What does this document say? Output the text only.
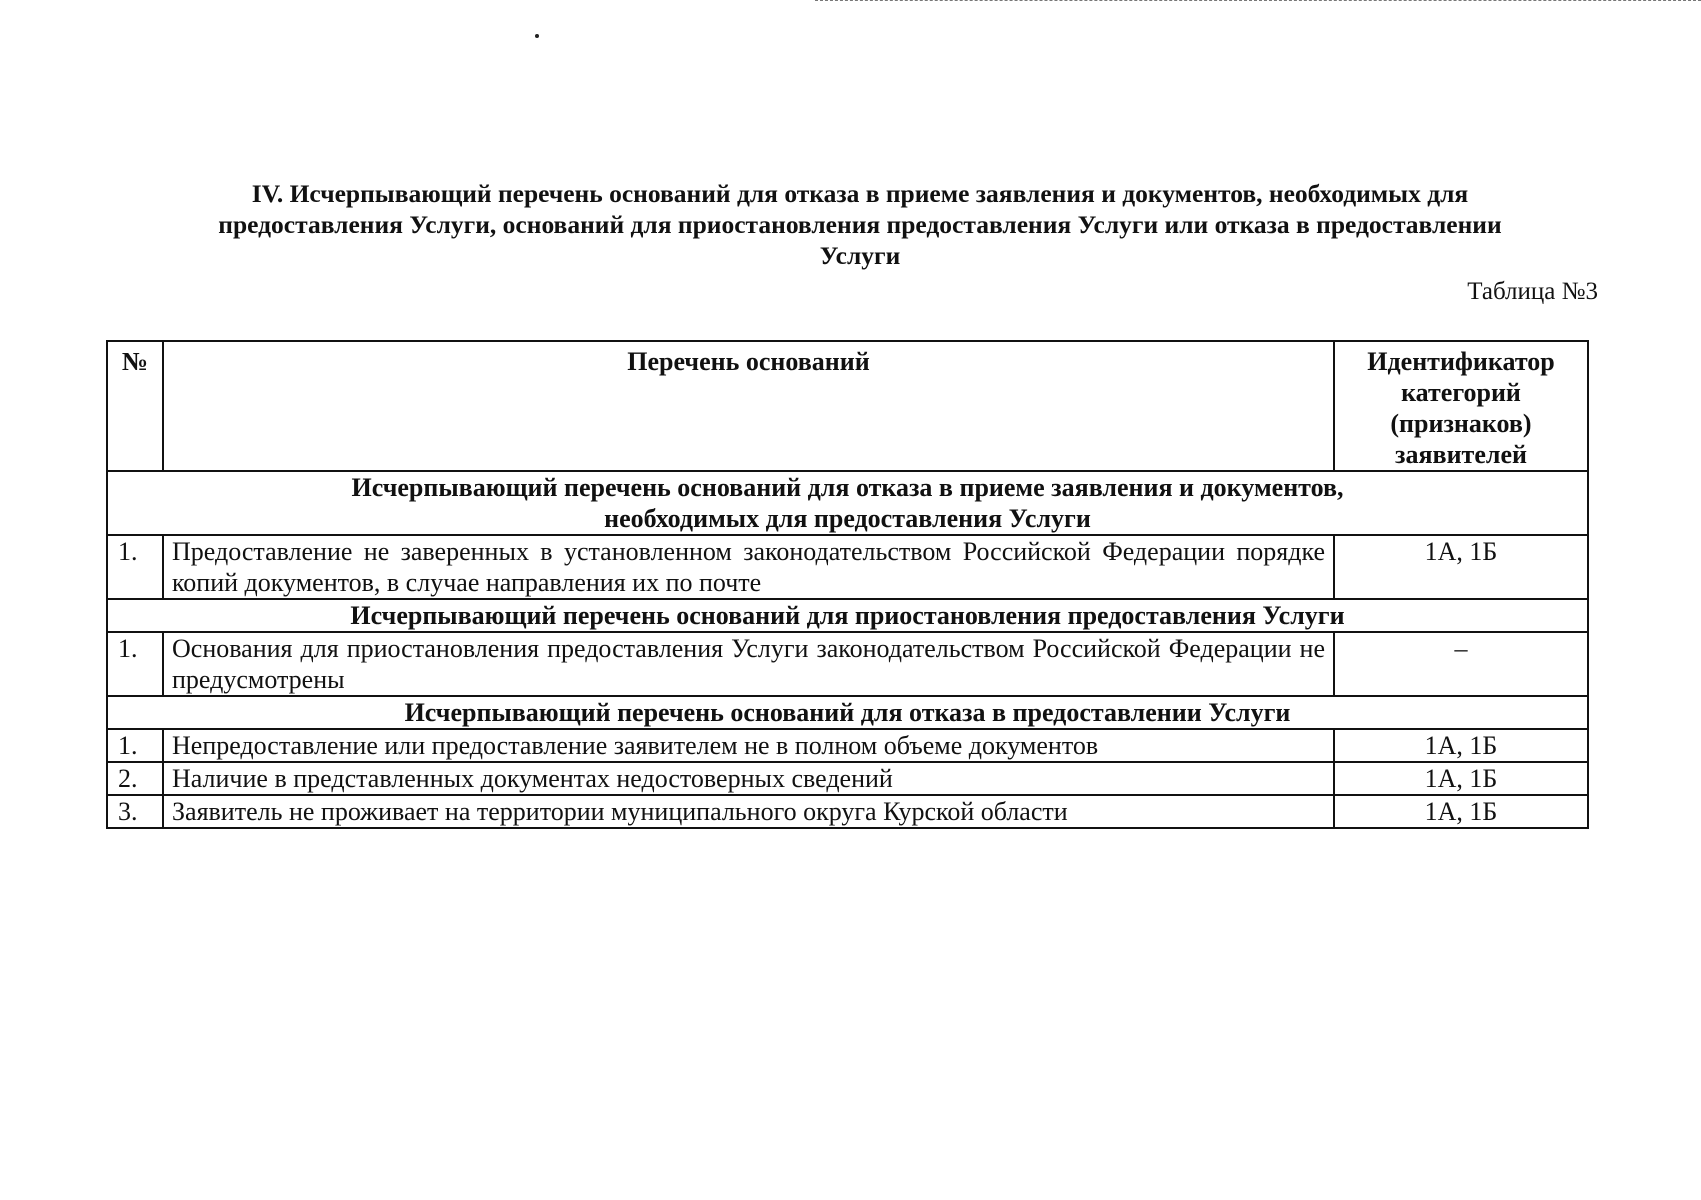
IV. Исчерпывающий перечень оснований для отказа в приеме заявления и документов, необходимых для
предоставления Услуги, оснований для приостановления предоставления Услуги или отказа в предоставлении
Услуги
Таблица №3
№	Перечень оснований	Идентификатор
категорий
(признаков)
заявителей

Исчерпывающий перечень оснований для отказа в приеме заявления и документов,
необходимых для предоставления Услуги		

1.	Предоставление не заверенных в установленном законодательством Российской Федерации порядке копий документов, в случае направления их по почте	1А, 1Б

Исчерпывающий перечень оснований для приостановления предоставления Услуги		

1.	Основания для приостановления предоставления Услуги законодательством Российской Федерации не предусмотрены	–

Исчерпывающий перечень оснований для отказа в предоставлении Услуги		

1.	Непредоставление или предоставление заявителем не в полном объеме документов	1А, 1Б
2.	Наличие в представленных документах недостоверных сведений	1А, 1Б
3.	Заявитель не проживает на территории муниципального округа Курской области	1А, 1Б
